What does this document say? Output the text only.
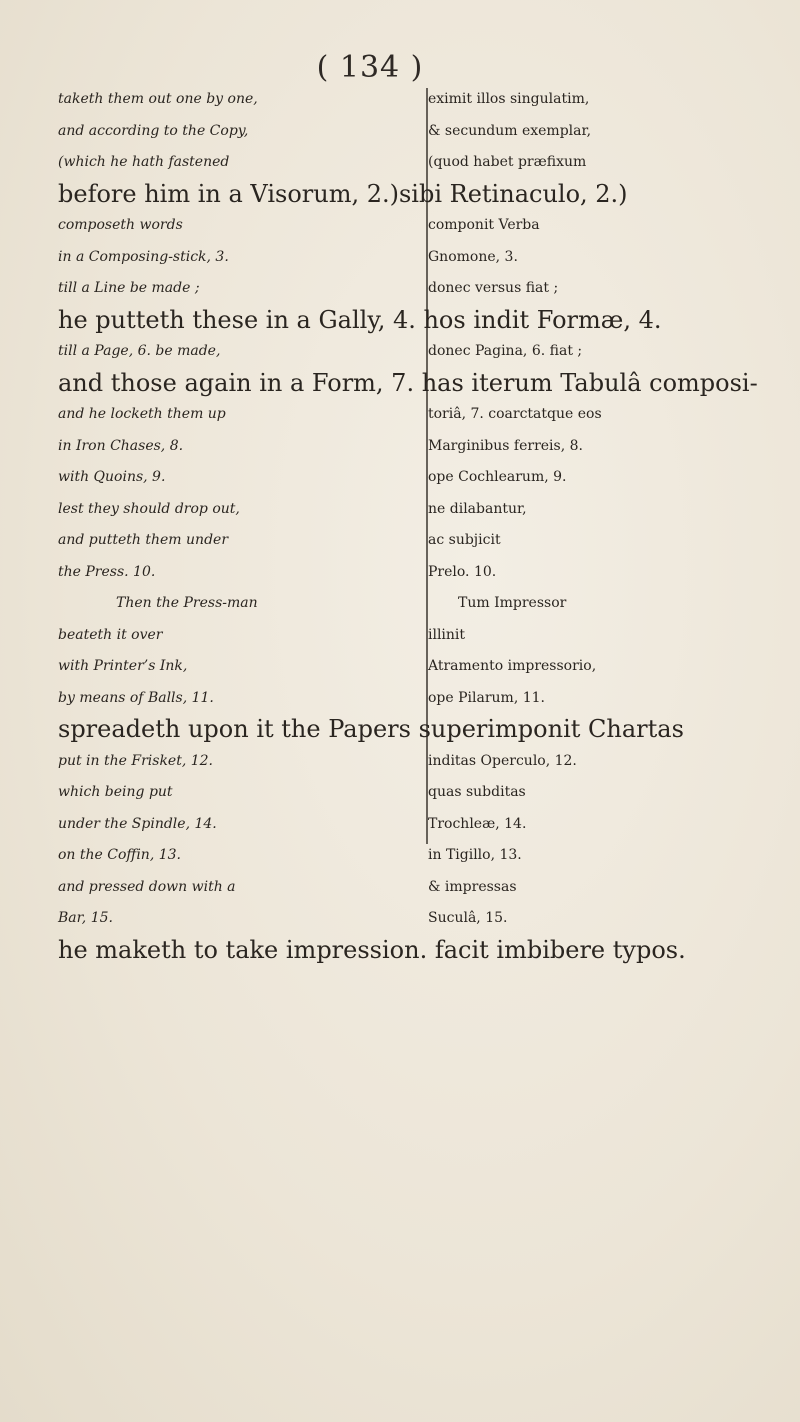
( 134 )
taketh them out one by one,
and according to the Copy,
(which he hath fastened
composeth words
in a Composing-stick, 3.
till a Line be made ;
till a Page, 6. be made,
and he locketh them up
in Iron Chases, 8.
with Quoins, 9.
lest they should drop out,
and putteth them under
the Press. 10.
Then the Press-man
beateth it over
with Printer’s Ink,
by means of Balls, 11.
put in the Frisket, 12.
which being put
under the Spindle, 14.
on the Coffin, 13.
and pressed down with a
Bar, 15.
eximit illos singulatim,
& secundum exemplar,
(quod habet præfixum
componit Verba
Gnomone, 3.
donec versus fiat ;
donec Pagina, 6. fiat ;
toriâ, 7. coarctatque eos
Marginibus ferreis, 8.
ope Cochlearum, 9.
ne dilabantur,
ac subjicit
Prelo. 10.
Tum Impressor
illinit
Atramento impressorio,
ope Pilarum, 11.
inditas Operculo, 12.
quas subditas
Trochleæ, 14.
in Tigillo, 13.
& impressas
Suculâ, 15.
before him in a Visorum, 2.)sibi Retinaculo, 2.)
he putteth these in a Gally, 4. hos indit Formæ, 4.
and those again in a Form, 7. has iterum Tabulâ composi-
spreadeth upon it the Papers superimponit Chartas
he maketh to take impression. facit imbibere typos.
